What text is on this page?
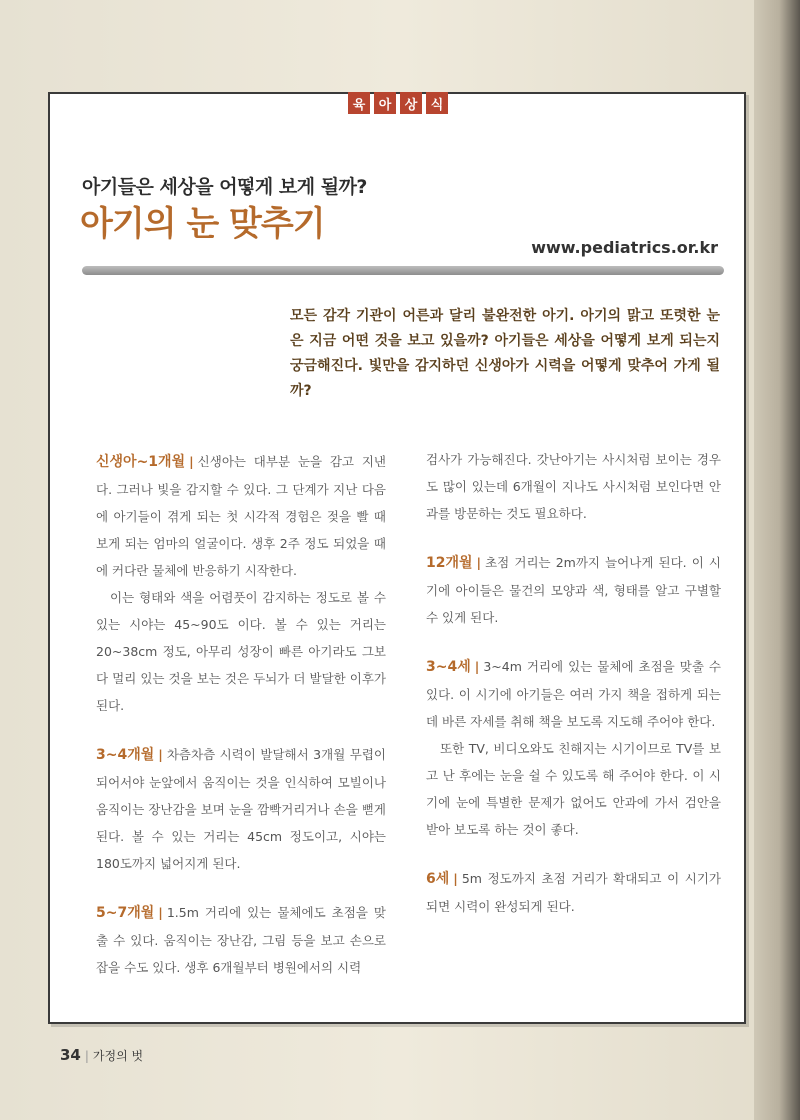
육	아	상	식
아기들은 세상을 어떻게 보게 될까?
아기의 눈 맞추기
www.pediatrics.or.kr
모든 감각 기관이 어른과 달리 불완전한 아기. 아기의 맑고 또렷한 눈은 지금 어떤 것을 보고 있을까? 아기들은 세상을 어떻게 보게 되는지 궁금해진다. 빛만을 감지하던 신생아가 시력을 어떻게 맞추어 가게 될까?

신생아~1개월 | 신생아는 대부분 눈을 감고 지낸다. 그러나 빛을 감지할 수 있다. 그 단계가 지난 다음에 아기들이 겪게 되는 첫 시각적 경험은 젖을 빨 때 보게 되는 엄마의 얼굴이다. 생후 2주 정도 되었을 때에 커다란 물체에 반응하기 시작한다.

이는 형태와 색을 어렴풋이 감지하는 정도로 볼 수 있는 시야는 45~90도 이다. 볼 수 있는 거리는 20~38cm 정도, 아무리 성장이 빠른 아기라도 그보다 멀리 있는 것을 보는 것은 두뇌가 더 발달한 이후가 된다.

3~4개월 | 차츰차츰 시력이 발달해서 3개월 무렵이 되어서야 눈앞에서 움직이는 것을 인식하여 모빌이나 움직이는 장난감을 보며 눈을 깜빡거리거나 손을 뻗게 된다. 볼 수 있는 거리는 45cm 정도이고, 시야는 180도까지 넓어지게 된다.

5~7개월 | 1.5m 거리에 있는 물체에도 초점을 맞출 수 있다. 움직이는 장난감, 그림 등을 보고 손으로 잡을 수도 있다. 생후 6개월부터 병원에서의 시력

검사가 가능해진다. 갓난아기는 사시처럼 보이는 경우도 많이 있는데 6개월이 지나도 사시처럼 보인다면 안과를 방문하는 것도 필요하다.

12개월 | 초점 거리는 2m까지 늘어나게 된다. 이 시기에 아이들은 물건의 모양과 색, 형태를 알고 구별할 수 있게 된다.

3~4세 | 3~4m 거리에 있는 물체에 초점을 맞출 수 있다. 이 시기에 아기들은 여러 가지 책을 접하게 되는데 바른 자세를 취해 책을 보도록 지도해 주어야 한다.

또한 TV, 비디오와도 친해지는 시기이므로 TV를 보고 난 후에는 눈을 쉴 수 있도록 해 주어야 한다. 이 시기에 눈에 특별한 문제가 없어도 안과에 가서 검안을 받아 보도록 하는 것이 좋다.

6세 | 5m 정도까지 초점 거리가 확대되고 이 시기가 되면 시력이 완성되게 된다.

34 | 가정의 벗
